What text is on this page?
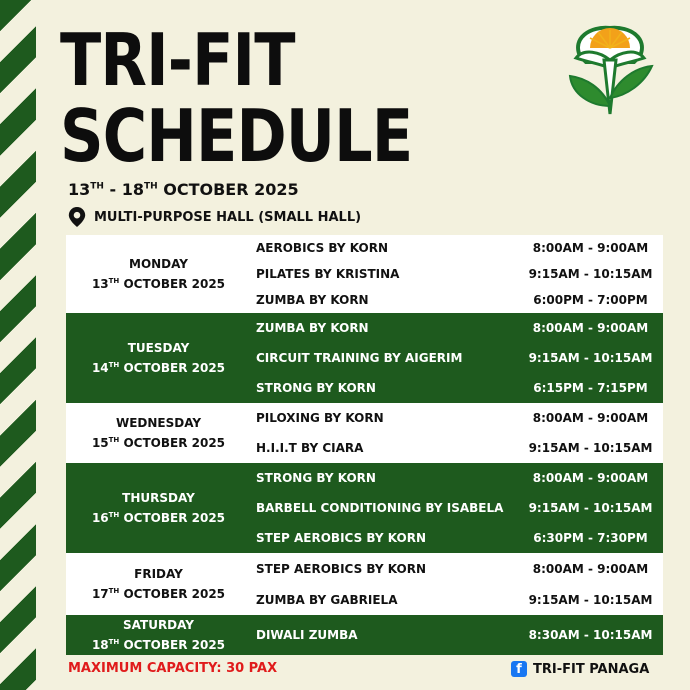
TRI-FIT
SCHEDULE
13TH - 18TH OCTOBER 2025
MULTI-PURPOSE HALL (SMALL HALL)
MONDAY
13TH OCTOBER 2025	AEROBICS BY KORN	8:00AM - 9:00AM
	PILATES BY KRISTINA	9:15AM - 10:15AM
	ZUMBA BY KORN	6:00PM - 7:00PM

TUESDAY
14TH OCTOBER 2025	ZUMBA BY KORN	8:00AM - 9:00AM
	CIRCUIT TRAINING BY AIGERIM	9:15AM - 10:15AM
	STRONG BY KORN	6:15PM - 7:15PM

WEDNESDAY
15TH OCTOBER 2025	PILOXING BY KORN	8:00AM - 9:00AM
	H.I.I.T BY CIARA	9:15AM - 10:15AM

THURSDAY
16TH OCTOBER 2025	STRONG BY KORN	8:00AM - 9:00AM
	BARBELL CONDITIONING BY ISABELA	9:15AM - 10:15AM
	STEP AEROBICS BY KORN	6:30PM - 7:30PM

FRIDAY
17TH OCTOBER 2025	STEP AEROBICS BY KORN	8:00AM - 9:00AM
	ZUMBA BY GABRIELA	9:15AM - 10:15AM

SATURDAY
18TH OCTOBER 2025	DIWALI ZUMBA	8:30AM - 10:15AM
MAXIMUM CAPACITY: 30 PAX	f TRI-FIT PANAGA
